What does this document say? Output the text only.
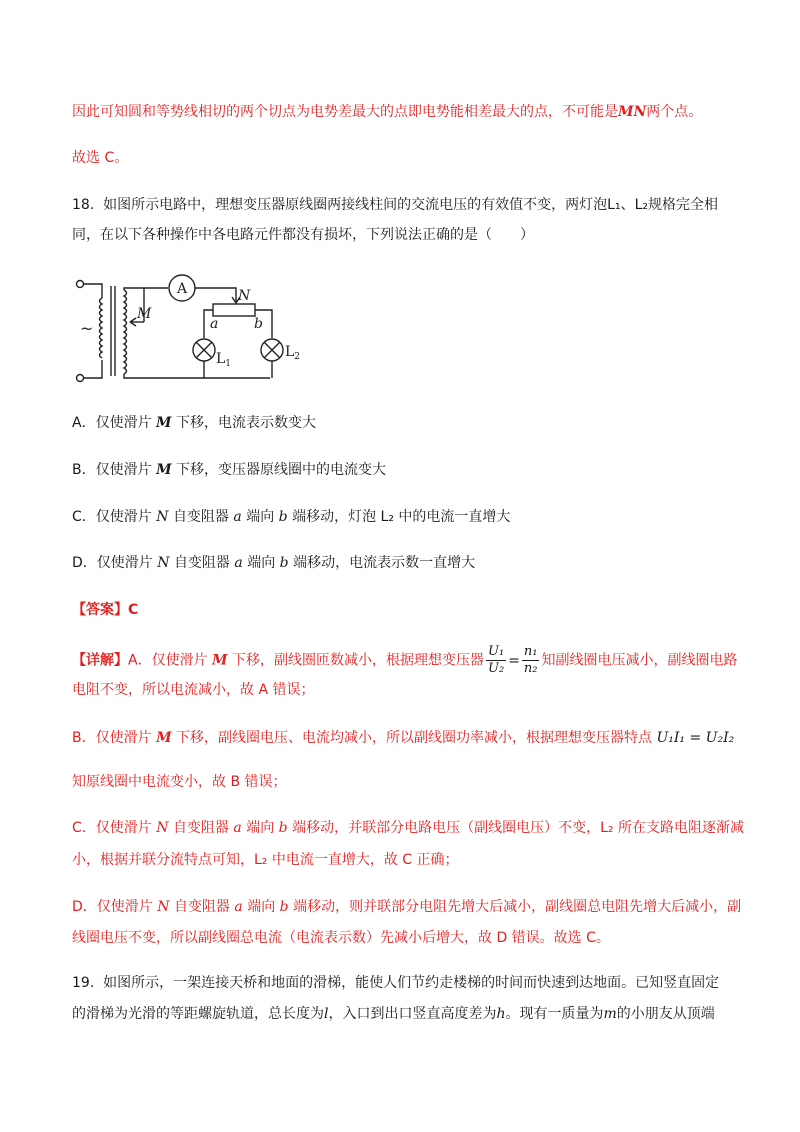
因此可知圆和等势线相切的两个切点为电势差最大的点即电势能相差最大的点，不可能是MN两个点。
故选 C。
18. 如图所示电路中，理想变压器原线圈两接线柱间的交流电压的有效值不变，两灯泡L₁、L₂规格完全相
同，在以下各种操作中各电路元件都没有损坏，下列说法正确的是（　　）
~
A
M
N
a	b
$L_1$
$L_2$
A．仅使滑片 M 下移，电流表示数变大
B．仅使滑片 M 下移，变压器原线圈中的电流变大
C．仅使滑片 N 自变阻器 a 端向 b 端移动，灯泡 L₂ 中的电流一直增大
D．仅使滑片 N 自变阻器 a 端向 b 端移动，电流表示数一直增大
【答案】C
【详解】A．仅使滑片 M 下移，副线圈匝数减小，根据理想变压器 $\frac{\text{U₁}}{\text{U₂}} = \frac{\text{n₁}}{\text{n₂}}$ 知副线圈电压减小，副线圈电路
电阻不变，所以电流减小，故 A 错误；
B．仅使滑片 M 下移，副线圈电压、电流均减小，所以副线圈功率减小，根据理想变压器特点 U₁I₁ = U₂I₂
知原线圈中电流变小，故 B 错误；
C．仅使滑片 N 自变阻器 a 端向 b 端移动，并联部分电路电压（副线圈电压）不变，L₂ 所在支路电阻逐渐减
小，根据并联分流特点可知，L₂ 中电流一直增大，故 C 正确；
D．仅使滑片 N 自变阻器 a 端向 b 端移动，则并联部分电阻先增大后减小，副线圈总电阻先增大后减小，副
线圈电压不变，所以副线圈总电流（电流表示数）先减小后增大，故 D 错误。故选 C。
19. 如图所示，一架连接天桥和地面的滑梯，能使人们节约走楼梯的时间而快速到达地面。已知竖直固定
的滑梯为光滑的等距螺旋轨道，总长度为l，入口到出口竖直高度差为h。现有一质量为m的小朋友从顶端
